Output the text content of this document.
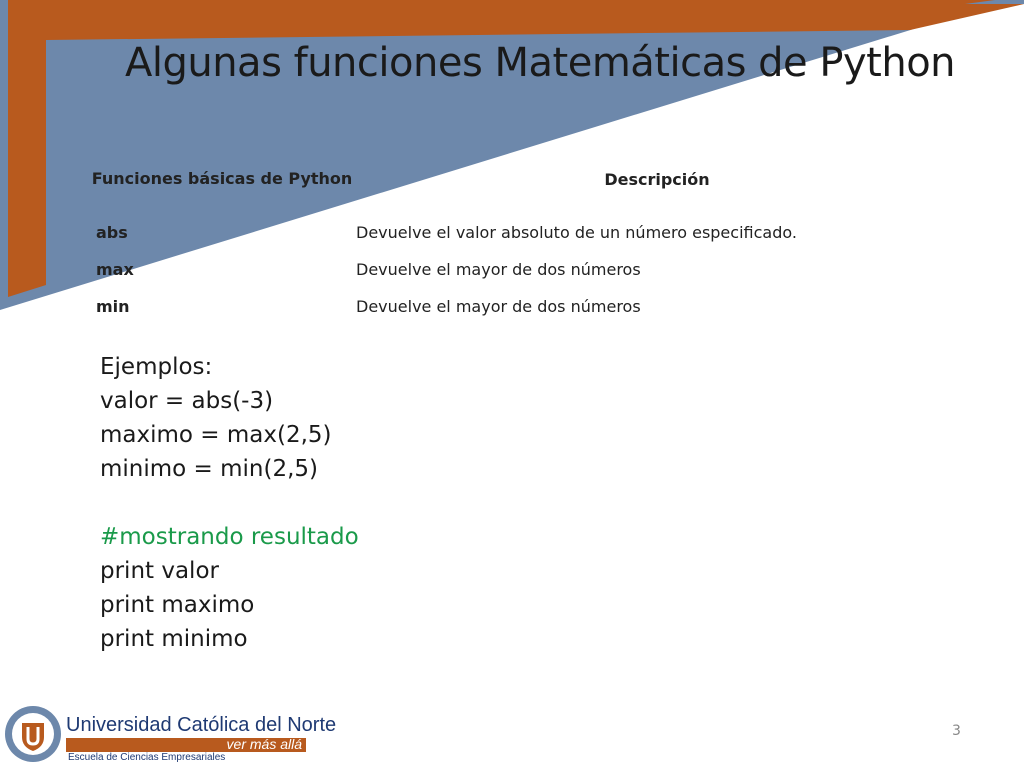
Algunas funciones Matemáticas de Python
Funciones básicas de Python	Descripción
abs	Devuelve el valor absoluto de un número especificado.
max	Devuelve el mayor de dos números
min	Devuelve el mayor de dos números
Ejemplos:
valor = abs(-3)
maximo = max(2,5)
minimo = min(2,5)
#mostrando resultado
print valor
print maximo
print minimo
Universidad Católica del Norte
ver más allá
Escuela de Ciencias Empresariales
3
